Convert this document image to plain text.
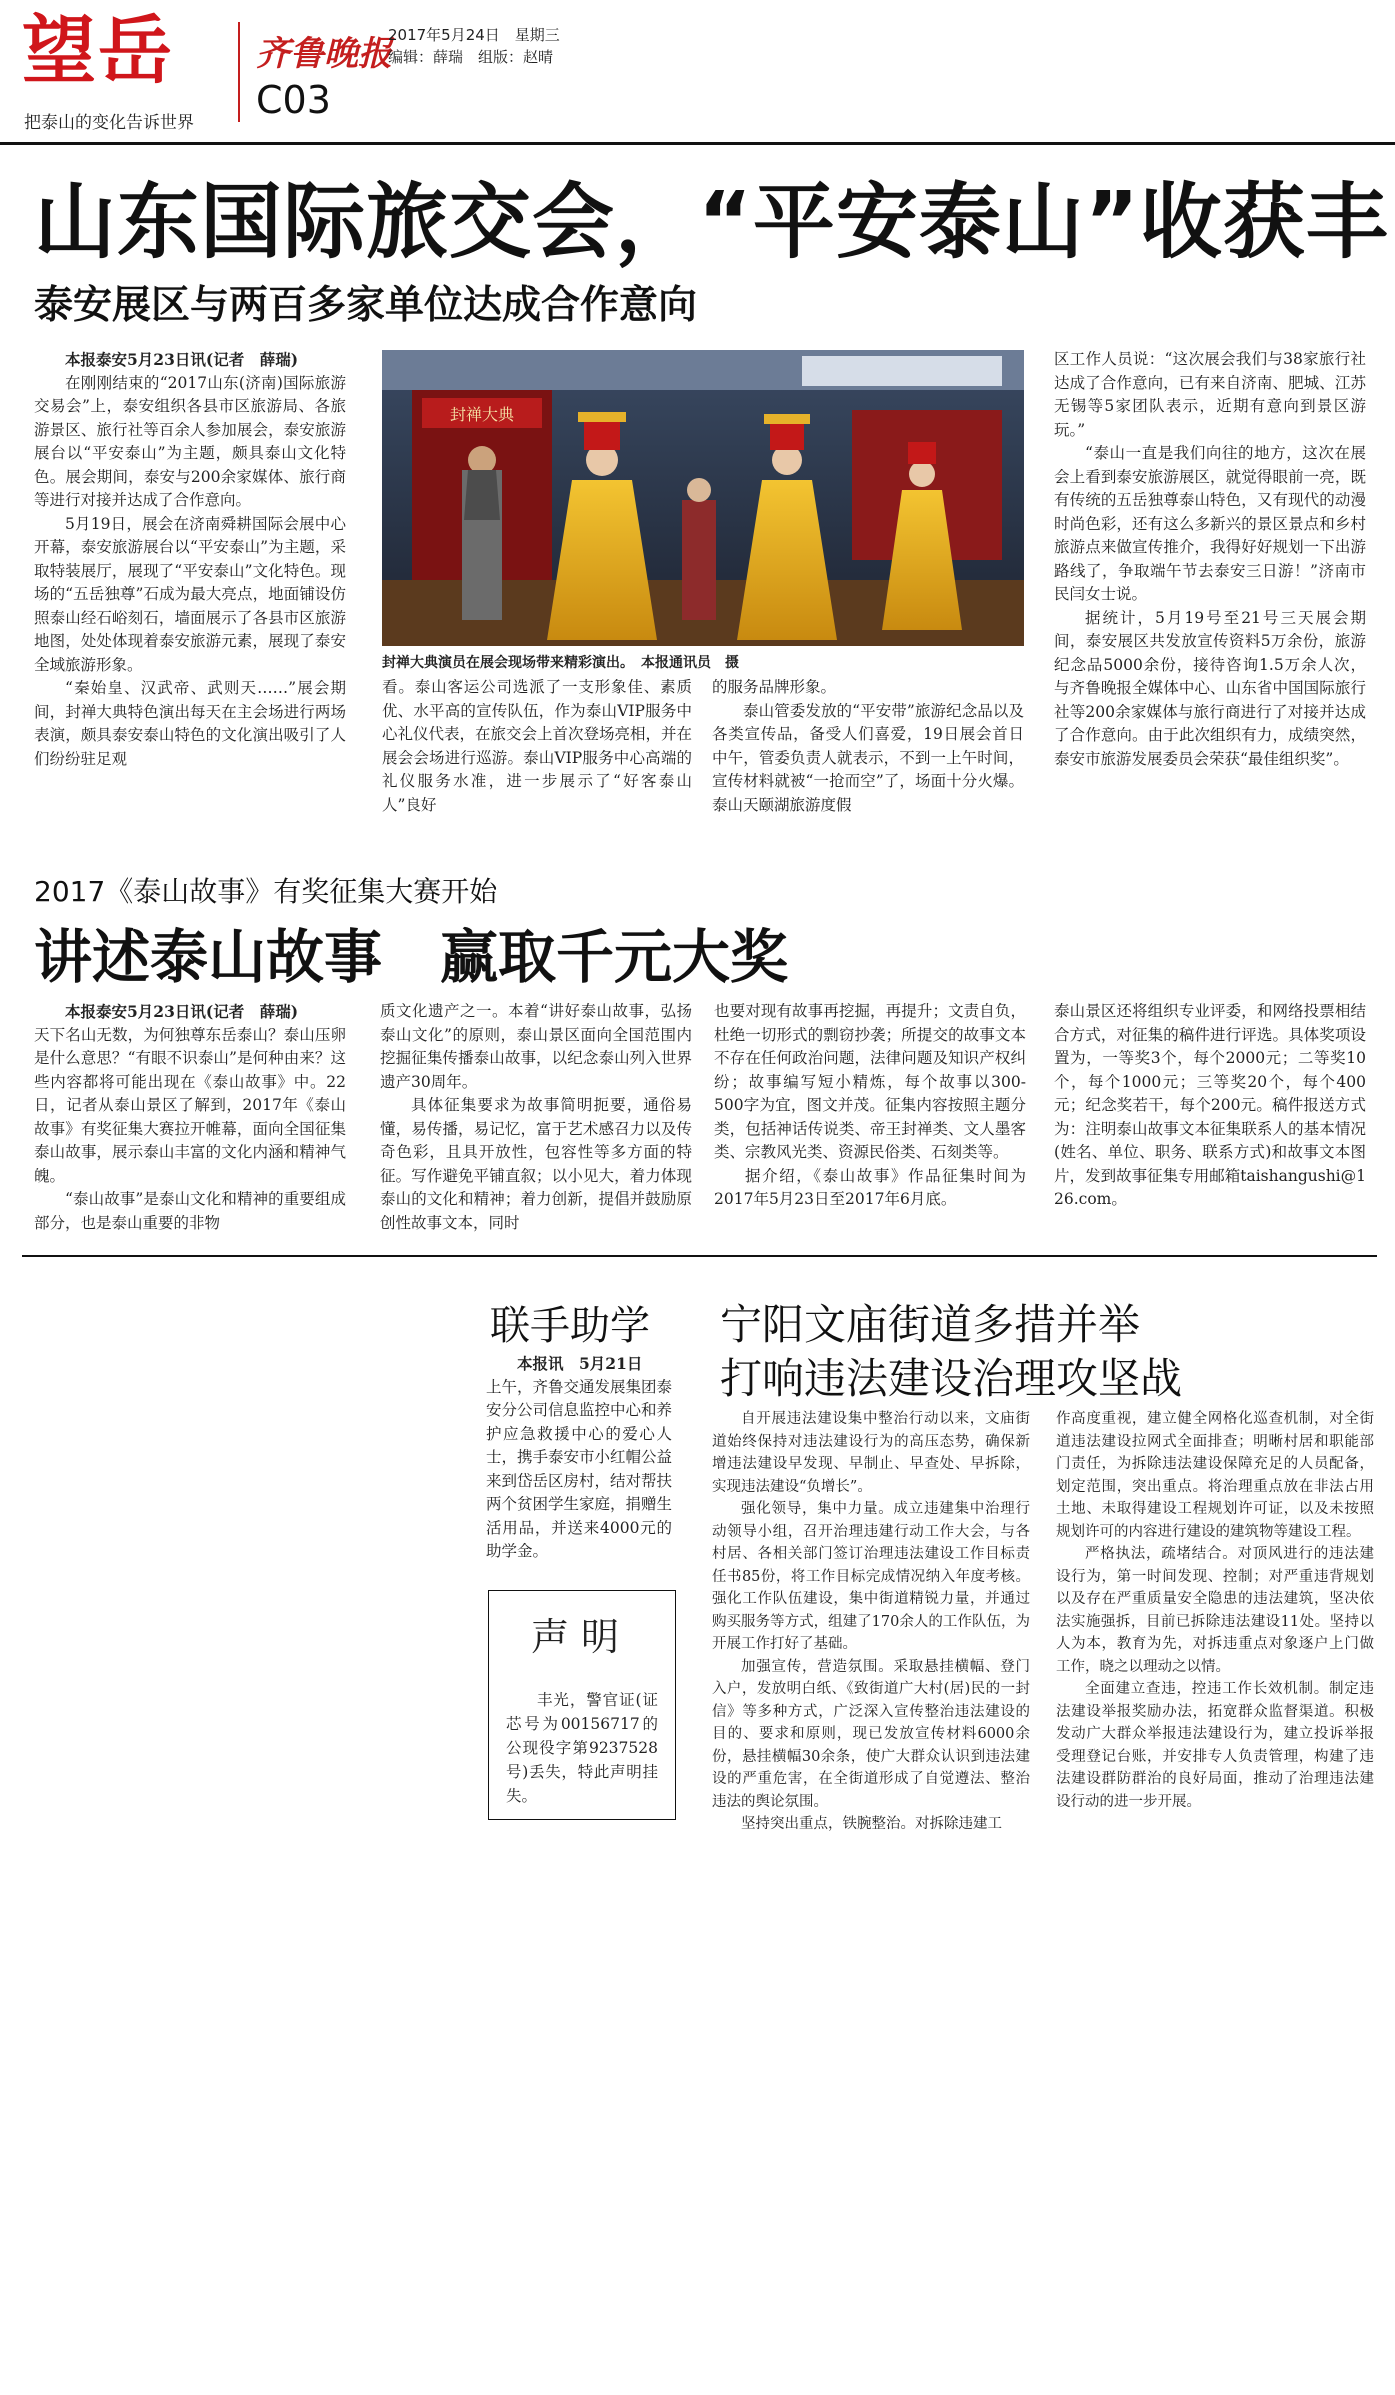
望岳
把泰山的变化告诉世界
齐鲁晚报
2017年5月24日　星期三
编辑：薛瑞　组版：赵晴
C03
山东国际旅交会，“平安泰山”收获丰
泰安展区与两百多家单位达成合作意向

本报泰安5月23日讯(记者　薛瑞)

在刚刚结束的“2017山东(济南)国际旅游交易会”上，泰安组织各县市区旅游局、各旅游景区、旅行社等百余人参加展会，泰安旅游展台以“平安泰山”为主题，颇具泰山文化特色。展会期间，泰安与200余家媒体、旅行商等进行对接并达成了合作意向。

5月19日，展会在济南舜耕国际会展中心开幕，泰安旅游展台以“平安泰山”为主题，采取特装展厅，展现了“平安泰山”文化特色。现场的“五岳独尊”石成为最大亮点，地面铺设仿照泰山经石峪刻石，墙面展示了各县市区旅游地图，处处体现着泰安旅游元素，展现了泰安全域旅游形象。

“秦始皇、汉武帝、武则天……”展会期间，封禅大典特色演出每天在主会场进行两场表演，颇具泰安泰山特色的文化演出吸引了人们纷纷驻足观

封禅大典
封禅大典演员在展会现场带来精彩演出。　本报通讯员　摄

看。泰山客运公司选派了一支形象佳、素质优、水平高的宣传队伍，作为泰山VIP服务中心礼仪代表，在旅交会上首次登场亮相，并在展会会场进行巡游。泰山VIP服务中心高端的礼仪服务水准，进一步展示了“好客泰山人”良好

的服务品牌形象。

泰山管委发放的“平安带”旅游纪念品以及各类宣传品，备受人们喜爱，19日展会首日中午，管委负责人就表示，不到一上午时间，宣传材料就被“一抢而空”了，场面十分火爆。泰山天颐湖旅游度假

区工作人员说：“这次展会我们与38家旅行社达成了合作意向，已有来自济南、肥城、江苏无锡等5家团队表示，近期有意向到景区游玩。”

“泰山一直是我们向往的地方，这次在展会上看到泰安旅游展区，就觉得眼前一亮，既有传统的五岳独尊泰山特色，又有现代的动漫时尚色彩，还有这么多新兴的景区景点和乡村旅游点来做宣传推介，我得好好规划一下出游路线了，争取端午节去泰安三日游！”济南市民闫女士说。

据统计，5月19号至21号三天展会期间，泰安展区共发放宣传资料5万余份，旅游纪念品5000余份，接待咨询1.5万余人次，与齐鲁晚报全媒体中心、山东省中国国际旅行社等200余家媒体与旅行商进行了对接并达成了合作意向。由于此次组织有力，成绩突然，泰安市旅游发展委员会荣获“最佳组织奖”。

2017《泰山故事》有奖征集大赛开始
讲述泰山故事　赢取千元大奖

本报泰安5月23日讯(记者　薛瑞)

天下名山无数，为何独尊东岳泰山？泰山压卵是什么意思？“有眼不识泰山”是何种由来？这些内容都将可能出现在《泰山故事》中。22日，记者从泰山景区了解到，2017年《泰山故事》有奖征集大赛拉开帷幕，面向全国征集泰山故事，展示泰山丰富的文化内涵和精神气魄。

“泰山故事”是泰山文化和精神的重要组成部分，也是泰山重要的非物

质文化遗产之一。本着“讲好泰山故事，弘扬泰山文化”的原则，泰山景区面向全国范围内挖掘征集传播泰山故事，以纪念泰山列入世界遗产30周年。

具体征集要求为故事简明扼要，通俗易懂，易传播，易记忆，富于艺术感召力以及传奇色彩，且具开放性，包容性等多方面的特征。写作避免平铺直叙；以小见大，着力体现泰山的文化和精神；着力创新，提倡并鼓励原创性故事文本，同时

也要对现有故事再挖掘，再提升；文责自负，杜绝一切形式的剽窃抄袭；所提交的故事文本不存在任何政治问题，法律问题及知识产权纠纷；故事编写短小精炼，每个故事以300-500字为宜，图文并茂。征集内容按照主题分类，包括神话传说类、帝王封禅类、文人墨客类、宗教风光类、资源民俗类、石刻类等。

据介绍，《泰山故事》作品征集时间为2017年5月23日至2017年6月底。

泰山景区还将组织专业评委，和网络投票相结合方式，对征集的稿件进行评选。具体奖项设置为，一等奖3个，每个2000元；二等奖10个，每个1000元；三等奖20个，每个400元；纪念奖若干，每个200元。稿件报送方式为：注明泰山故事文本征集联系人的基本情况(姓名、单位、职务、联系方式)和故事文本图片，发到故事征集专用邮箱taishangushi@126.com。

联手助学

本报讯　5月21日

上午，齐鲁交通发展集团泰安分公司信息监控中心和养护应急救援中心的爱心人士，携手泰安市小红帽公益来到岱岳区房村，结对帮扶两个贫困学生家庭，捐赠生活用品，并送来4000元的助学金。

声明

丰光，警官证(证芯号为00156717的公现役字第9237528号)丢失，特此声明挂失。

宁阳文庙街道多措并举
打响违法建设治理攻坚战

自开展违法建设集中整治行动以来，文庙街道始终保持对违法建设行为的高压态势，确保新增违法建设早发现、早制止、早查处、早拆除，实现违法建设“负增长”。

强化领导，集中力量。成立违建集中治理行动领导小组，召开治理违建行动工作大会，与各村居、各相关部门签订治理违法建设工作目标责任书85份，将工作目标完成情况纳入年度考核。强化工作队伍建设，集中街道精锐力量，并通过购买服务等方式，组建了170余人的工作队伍，为开展工作打好了基础。

加强宣传，营造氛围。采取悬挂横幅、登门入户，发放明白纸、《致街道广大村(居)民的一封信》等多种方式，广泛深入宣传整治违法建设的目的、要求和原则，现已发放宣传材料6000余份，悬挂横幅30余条，使广大群众认识到违法建设的严重危害，在全街道形成了自觉遵法、整治违法的舆论氛围。

坚持突出重点，铁腕整治。对拆除违建工

作高度重视，建立健全网格化巡查机制，对全街道违法建设拉网式全面排查；明晰村居和职能部门责任，为拆除违法建设保障充足的人员配备，划定范围，突出重点。将治理重点放在非法占用土地、未取得建设工程规划许可证，以及未按照规划许可的内容进行建设的建筑物等建设工程。

严格执法，疏堵结合。对顶风进行的违法建设行为，第一时间发现、控制；对严重违背规划以及存在严重质量安全隐患的违法建筑，坚决依法实施强拆，目前已拆除违法建设11处。坚持以人为本，教育为先，对拆违重点对象逐户上门做工作，晓之以理动之以情。

全面建立查违，控违工作长效机制。制定违法建设举报奖励办法，拓宽群众监督渠道。积极发动广大群众举报违法建设行为，建立投诉举报受理登记台账，并安排专人负责管理，构建了违法建设群防群治的良好局面，推动了治理违法建设行动的进一步开展。
